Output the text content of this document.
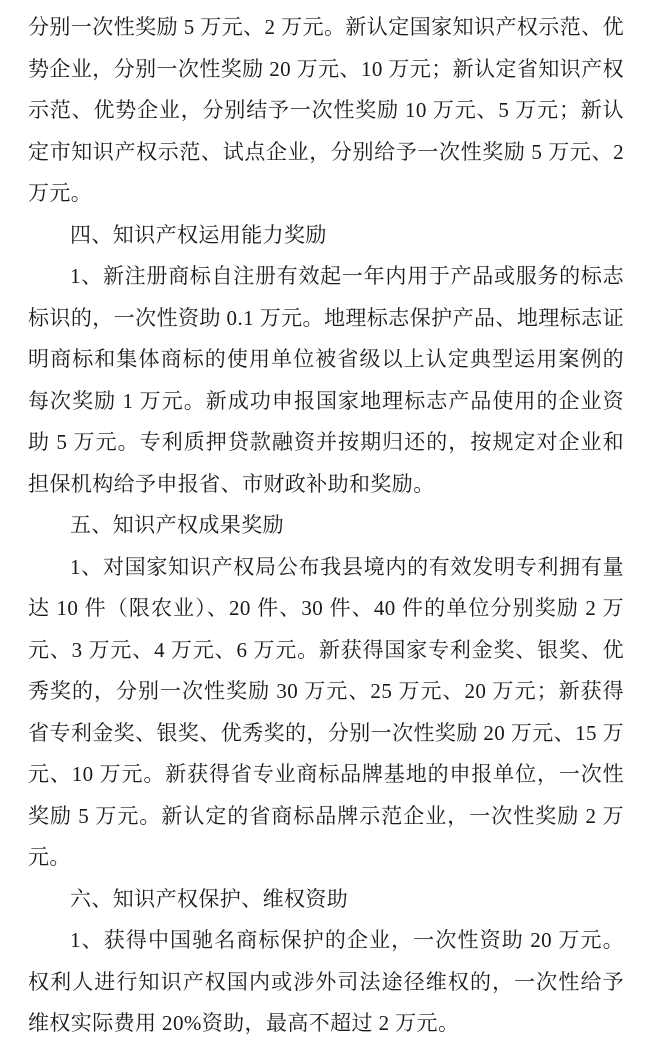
分别一次性奖励 5 万元、2 万元。新认定国家知识产权示范、优势企业，分别一次性奖励 20 万元、10 万元；新认定省知识产权示范、优势企业，分别结予一次性奖励 10 万元、5 万元；新认定市知识产权示范、试点企业，分别给予一次性奖励 5 万元、2 万元。

四、知识产权运用能力奖励

1、新注册商标自注册有效起一年内用于产品或服务的标志标识的，一次性资助 0.1 万元。地理标志保护产品、地理标志证明商标和集体商标的使用单位被省级以上认定典型运用案例的每次奖励 1 万元。新成功申报国家地理标志产品使用的企业资助 5 万元。专利质押贷款融资并按期归还的，按规定对企业和担保机构给予申报省、市财政补助和奖励。

五、知识产权成果奖励

1、对国家知识产权局公布我县境内的有效发明专利拥有量达 10 件（限农业）、20 件、30 件、40 件的单位分别奖励 2 万元、3 万元、4 万元、6 万元。新获得国家专利金奖、银奖、优秀奖的，分别一次性奖励 30 万元、25 万元、20 万元；新获得省专利金奖、银奖、优秀奖的，分别一次性奖励 20 万元、15 万元、10 万元。新获得省专业商标品牌基地的申报单位，一次性奖励 5 万元。新认定的省商标品牌示范企业，一次性奖励 2 万元。

六、知识产权保护、维权资助

1、获得中国驰名商标保护的企业，一次性资助 20 万元。权利人进行知识产权国内或涉外司法途径维权的，一次性给予维权实际费用 20%资助，最高不超过 2 万元。
